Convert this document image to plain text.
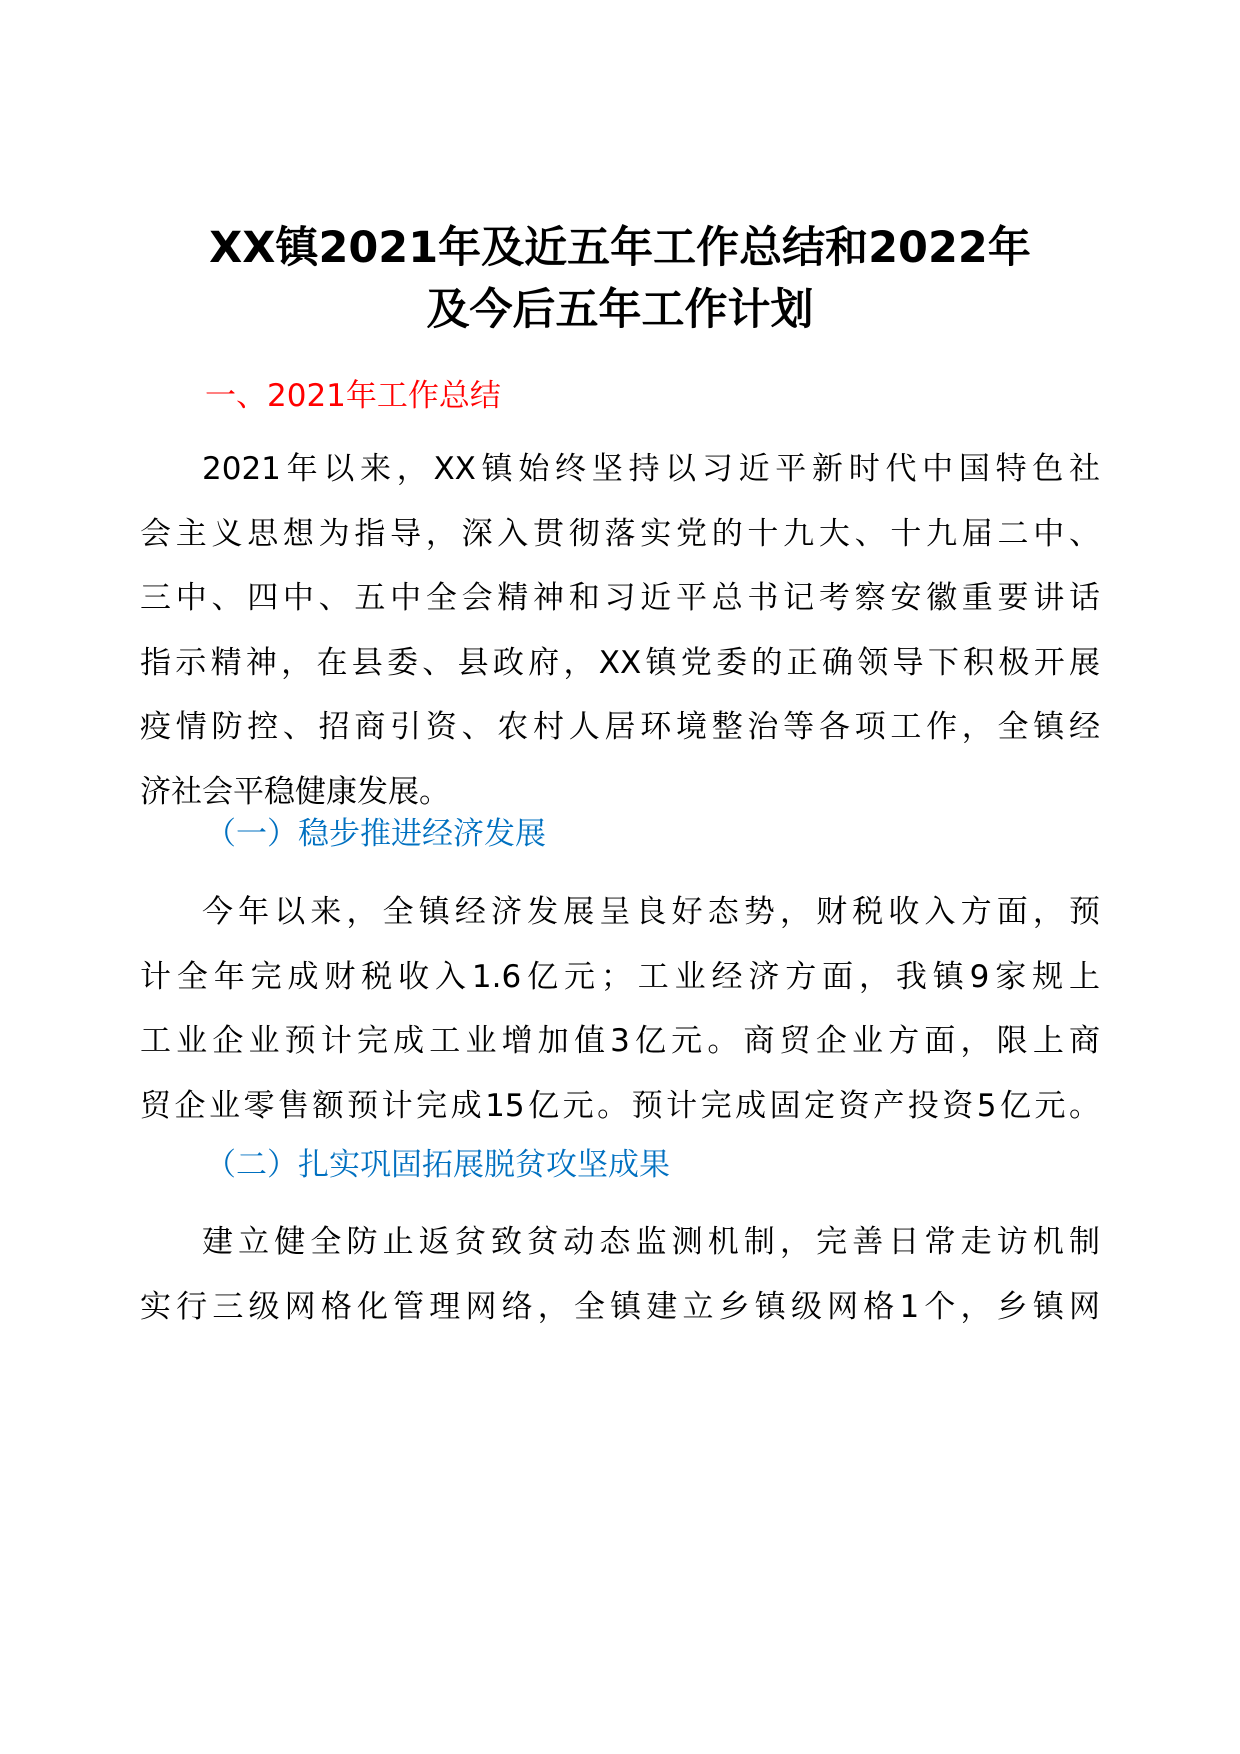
XX镇2021年及近五年工作总结和2022年
及今后五年工作计划
一、2021年工作总结
2021年以来，XX镇始终坚持以习近平新时代中国特色社
会主义思想为指导，深入贯彻落实党的十九大、十九届二中、
三中、四中、五中全会精神和习近平总书记考察安徽重要讲话
指示精神，在县委、县政府，XX镇党委的正确领导下积极开展
疫情防控、招商引资、农村人居环境整治等各项工作，全镇经
济社会平稳健康发展。
（一）稳步推进经济发展
今年以来，全镇经济发展呈良好态势，财税收入方面，预
计全年完成财税收入1.6亿元；工业经济方面，我镇9家规上
工业企业预计完成工业增加值3亿元。商贸企业方面，限上商
贸企业零售额预计完成15亿元。预计完成固定资产投资5亿元。
（二）扎实巩固拓展脱贫攻坚成果
建立健全防止返贫致贫动态监测机制，完善日常走访机制
实行三级网格化管理网络，全镇建立乡镇级网格1个，乡镇网
